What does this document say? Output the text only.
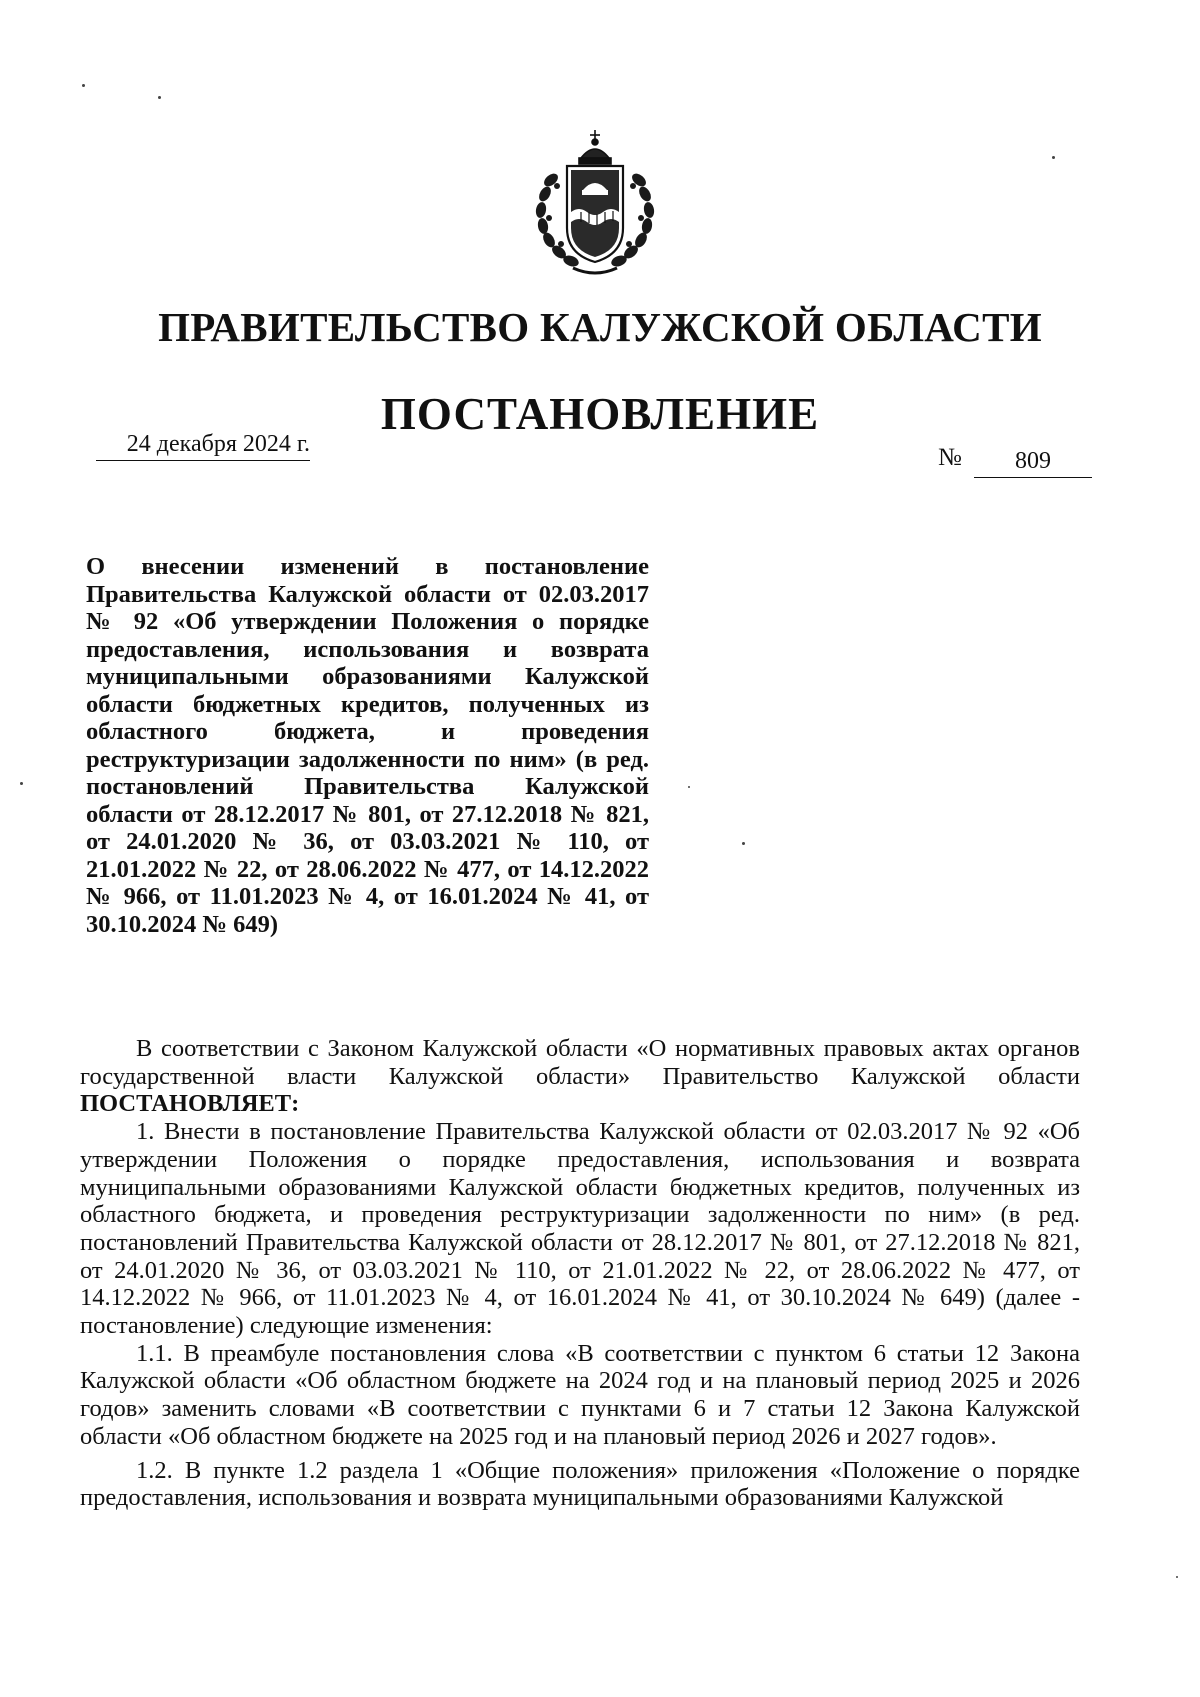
ПРАВИТЕЛЬСТВО КАЛУЖСКОЙ ОБЛАСТИ
ПОСТАНОВЛЕНИЕ
24 декабря 2024 г.	№	809
О внесении изменений в постановление Правительства Калужской области от 02.03.2017 № 92 «Об утверждении Положения о порядке предоставления, использования и возврата муниципальными образованиями Калужской области бюджетных кредитов, полученных из областного бюджета, и проведения реструктуризации задолженности по ним» (в ред. постановлений Правительства Калужской области от 28.12.2017 № 801, от 27.12.2018 № 821, от 24.01.2020 № 36, от 03.03.2021 № 110, от 21.01.2022 № 22, от 28.06.2022 № 477, от 14.12.2022 № 966, от 11.01.2023 № 4, от 16.01.2024 № 41, от
30.10.2024 № 649)

В соответствии с Законом Калужской области «О нормативных правовых актах органов государственной власти Калужской области» Правительство Калужской области ПОСТАНОВЛЯЕТ:

1. Внести в постановление Правительства Калужской области от 02.03.2017 № 92 «Об утверждении Положения о порядке предоставления, использования и возврата муниципальными образованиями Калужской области бюджетных кредитов, полученных из областного бюджета, и проведения реструктуризации задолженности по ним» (в ред. постановлений Правительства Калужской области от 28.12.2017 № 801, от 27.12.2018 № 821, от 24.01.2020 № 36, от 03.03.2021 № 110, от 21.01.2022 № 22, от 28.06.2022 № 477, от 14.12.2022 № 966, от 11.01.2023 № 4, от 16.01.2024 № 41, от 30.10.2024 № 649) (далее - постановление) следующие изменения:

1.1. В преамбуле постановления слова «В соответствии с пунктом 6 статьи 12 Закона Калужской области «Об областном бюджете на 2024 год и на плановый период 2025 и 2026 годов» заменить словами «В соответствии с пунктами 6 и 7 статьи 12 Закона Калужской области «Об областном бюджете на 2025 год и на плановый период 2026 и 2027 годов».

1.2. В пункте 1.2 раздела 1 «Общие положения» приложения «Положение о порядке предоставления, использования и возврата муниципальными образованиями Калужской
